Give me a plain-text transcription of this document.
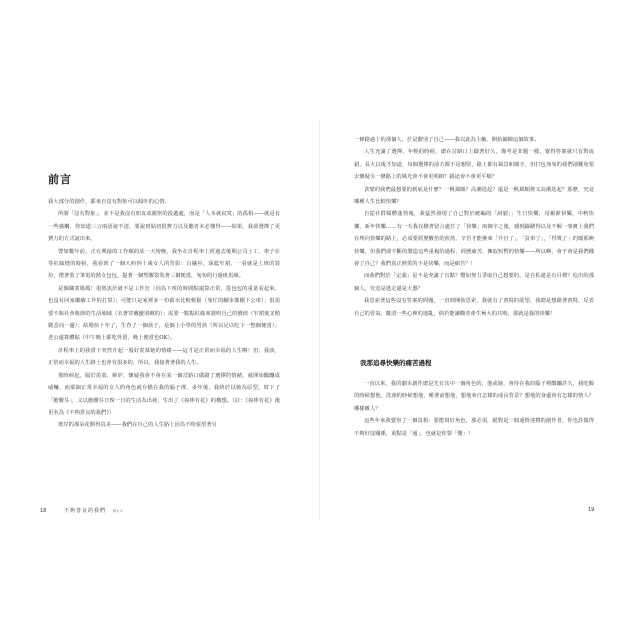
前言

我大部分的創作，都來自沒有對象可以傾吐的心情。

所謂「沒有對象」，並不是我沒有朋友或親密的投遞處，而是「人本就寂寞」的孤相——就是有一些感觸，你知道三言兩語說不清，要說到貼切很費力以及聽者未必懂得——結果，我卻選擇了更費力的方式說出來。

譬如數年前，正在興接的工作順的某一天傍晚，我坐在計程車上經過去後期公司上工，車子在等紅綠燈的時候，我看到了一個大約四十歲女人的背影：白襯衫，深藍窄裙，一看就是上班的裝扮，揹著裝了筆電的熱女包包，提著一個塑膠袋裝著三個便當，匆匆的行過斑馬線。

是個職業媽媽！很熱衷於就不是工作狂（因為下班的時間點還算正常，從包包的重量看起來，也沒有回家繼續工作的打算）；可能只是家裡多一份薪水比較輕鬆（匆忙的腳步像剛下公車）；很需要不與社會脫節的生活埔域（衣著穿戴蠻別緻的）；需要一點點紅綠來證明自己的價值（窄裙後叉稍微歪向一邊）；結婚快十年了，生育了一個孩子，是個上小學的男孩（所以足以吃下一整個便當）；老公還算體貼（中午晚上都吃外賣，晚上便當也OK）。

計程車上的我當下突然升起一股好羨慕她的情緒——這才是正常而幸福的人生啊！但，我該，正常而幸福的人生路上也會有很多的，所以，我接著著我的人生。

那時候起，隔於羨慕，嫉妒，懷疑我會不會在某一個岔路口做錯了選擇的情緒，就開始醞釀成威嚇，而那個正常幸福的女人的角色就存檔在我的腦子裡，多年後，我終於以她為原型，寫下了「膽腰芬」，又以膽腰芬日復一日的生活為出發，生出了《掠摔有花》的構想。（註：《掠摔有花》後更名為《不夠善良的我們》）

彼岸的那朵花開得真美——我們在自己的人生路上因為不時張望著另

18	不夠善良的我們 林＊＊

一條路過上的那個人，於是辭別了自己——我以此為主軸，開始鋪陳這個故事。

人生充滿了選擇，年輕的時候，總在岔路口上躊著好久，像考是非題一樣，覺得答案就只有對或錯，長大以後才知道，每個選擇的前方都不是想堅，路上都有風景和顛辛，但打包匆匆的我們卻難免要去懷疑另一條路上的風光會不會更明朗？路途會不會更平順？

貪婪的我們最想要的到底是什麼？一帆風順？高潮迭起？還是一帆風順裡又高潮迭起？那麼，究竟哪種人生比較快樂？

自從社群媒體蓬勃後，我猛然發現了自己對於統編的「詞窮」：生日快樂，母親節快樂，中秋快樂，新年快樂……有一天我在臉書留言處打了「快樂」兩個字之後，感到躊躇得以及不解一事實上我們在理向快樂的路上，必須要經歷數倍的煎熬，辛苦才能換來「升官了」，「買車了」，「得獎了」的顛那喚快樂，但我們卻不斷的製造這些重複的過程，經歷痛苦，擁取短暫的快樂——所以啊，會不會是我們踐會了自己？我們真正熱愛的不是快樂，而是痛苦？！

而我們對於「定義」是不是充滿了盲點？嚮如努力爭取自己想要的，是自私還是有目標？追出的那個人，究竟是逃走還是大器？

我思索著這些沒有答案的問題，一直到開始思索，我就有了書寫的欲望，我總是想藉著書寫，反省自己的習氣，釐清一些心裡的迷亂，倘若能讓觀者產生極大的共鳴，那就是我的快樂！

我那追尋快樂的痛苦過程

一直以來，我的劇本創作總是先有其中一個角色的，他或她，會待在我的腦子裡醞釀許久，我吃飯的時候想他，洗澡的時候想他，睡著前想他，想他來自怎樣的成長背景？想他的身邊會有怎樣的情人？哪樣敵人？

這些年來我覺察了一個真相：要能寫好角色，那必須，絕對是一個通情達禮的創作者，你也許做得不夠好沒關係，重點是「通」，也就是你要「懂」！

19
